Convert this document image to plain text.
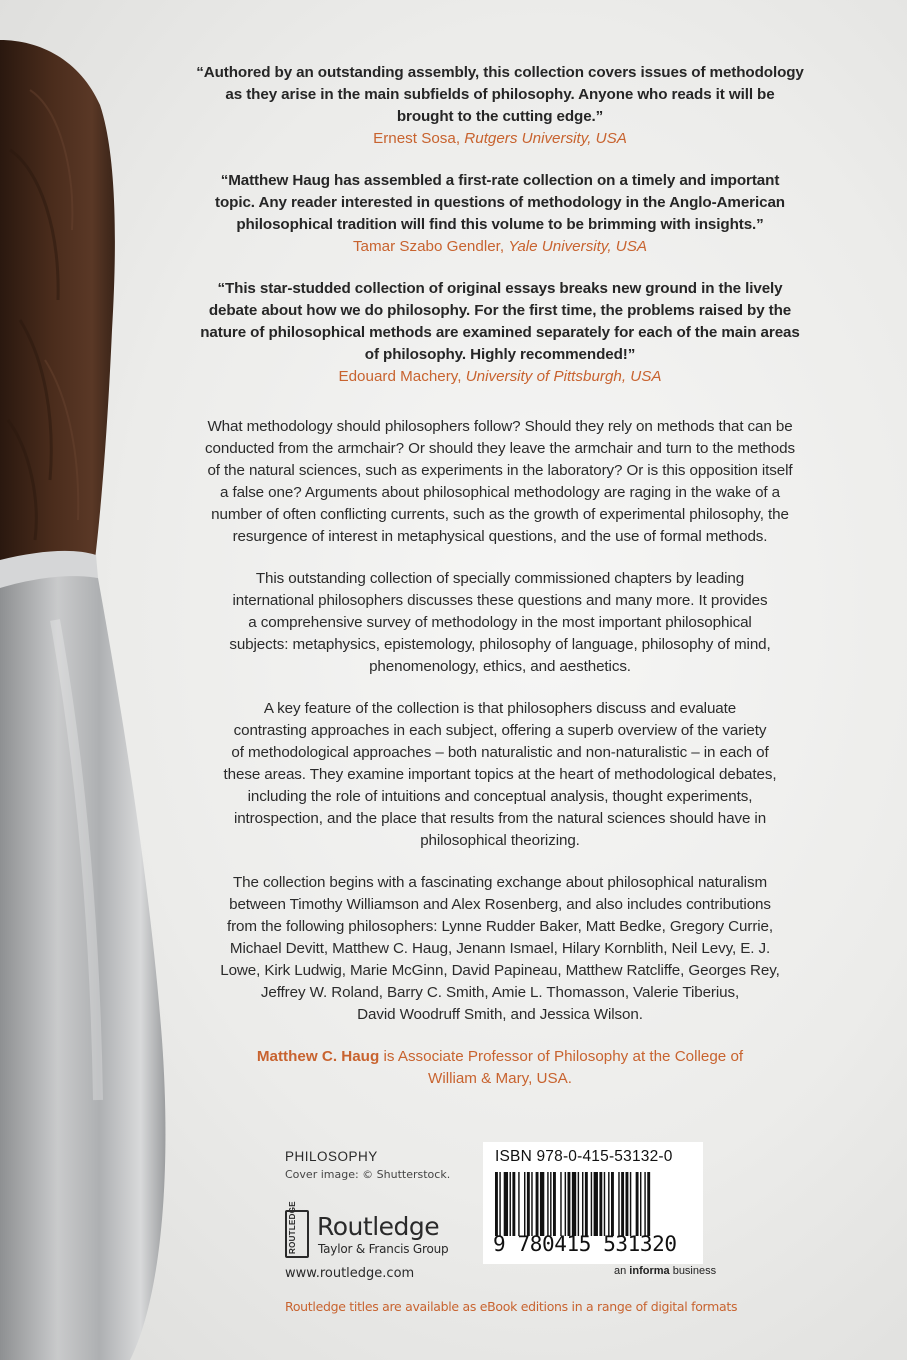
“Authored by an outstanding assembly, this collection covers issues of methodology
as they arise in the main subfields of philosophy. Anyone who reads it will be
brought to the cutting edge.”
Ernest Sosa, Rutgers University, USA
“Matthew Haug has assembled a first-rate collection on a timely and important
topic. Any reader interested in questions of methodology in the Anglo-American
philosophical tradition will find this volume to be brimming with insights.”
Tamar Szabo Gendler, Yale University, USA
“This star-studded collection of original essays breaks new ground in the lively
debate about how we do philosophy. For the first time, the problems raised by the
nature of philosophical methods are examined separately for each of the main areas
of philosophy. Highly recommended!”
Edouard Machery, University of Pittsburgh, USA
What methodology should philosophers follow? Should they rely on methods that can be
conducted from the armchair? Or should they leave the armchair and turn to the methods
of the natural sciences, such as experiments in the laboratory? Or is this opposition itself
a false one? Arguments about philosophical methodology are raging in the wake of a
number of often conflicting currents, such as the growth of experimental philosophy, the
resurgence of interest in metaphysical questions, and the use of formal methods.
This outstanding collection of specially commissioned chapters by leading
international philosophers discusses these questions and many more. It provides
a comprehensive survey of methodology in the most important philosophical
subjects: metaphysics, epistemology, philosophy of language, philosophy of mind,
phenomenology, ethics, and aesthetics.
A key feature of the collection is that philosophers discuss and evaluate
contrasting approaches in each subject, offering a superb overview of the variety
of methodological approaches – both naturalistic and non-naturalistic – in each of
these areas. They examine important topics at the heart of methodological debates,
including the role of intuitions and conceptual analysis, thought experiments,
introspection, and the place that results from the natural sciences should have in
philosophical theorizing.
The collection begins with a fascinating exchange about philosophical naturalism
between Timothy Williamson and Alex Rosenberg, and also includes contributions
from the following philosophers: Lynne Rudder Baker, Matt Bedke, Gregory Currie,
Michael Devitt, Matthew C. Haug, Jenann Ismael, Hilary Kornblith, Neil Levy, E. J.
Lowe, Kirk Ludwig, Marie McGinn, David Papineau, Matthew Ratcliffe, Georges Rey,
Jeffrey W. Roland, Barry C. Smith, Amie L. Thomasson, Valerie Tiberius,
David Woodruff Smith, and Jessica Wilson.
Matthew C. Haug is Associate Professor of Philosophy at the College of
William & Mary, USA.
PHILOSOPHY
Cover image: © Shutterstock.
ROUTLEDGE Routledge
Taylor & Francis Group
www.routledge.com
ISBN 978-0-415-53132-0
9 780415 531320
an informa business
Routledge titles are available as eBook editions in a range of digital formats
